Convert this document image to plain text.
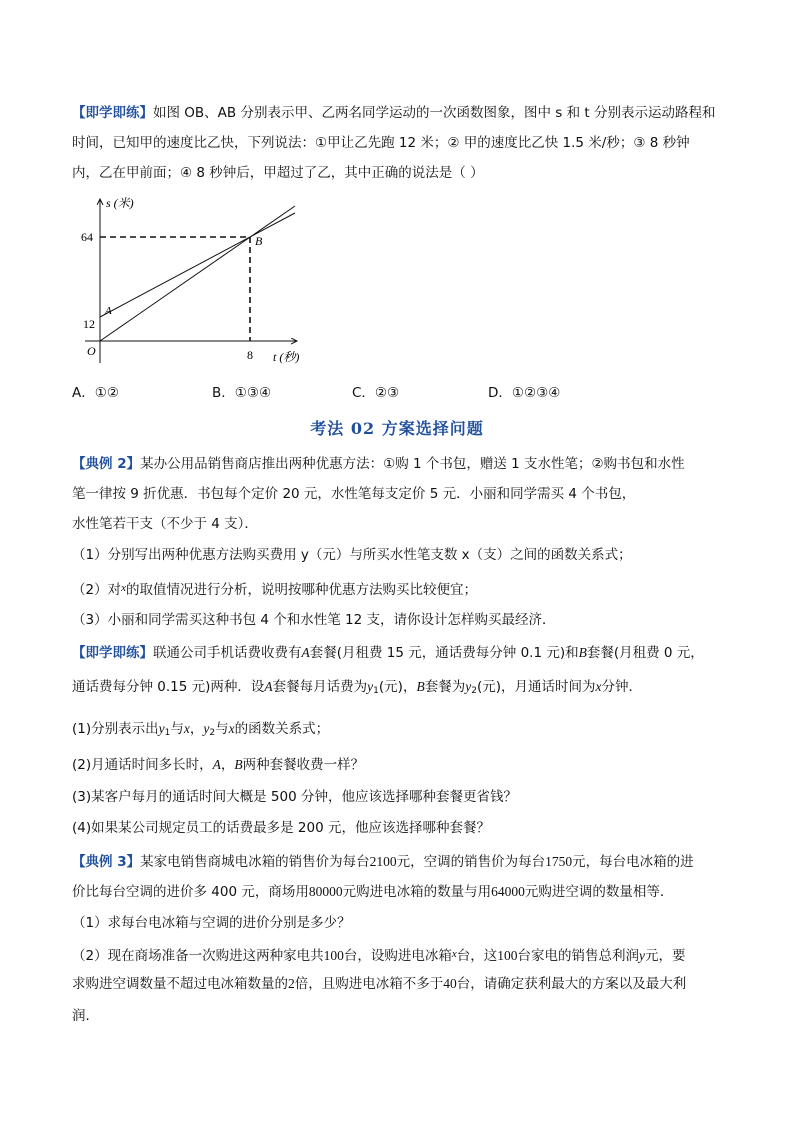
【即学即练】如图 OB、AB 分别表示甲、乙两名同学运动的一次函数图象，图中 s 和 t 分别表示运动路程和
时间，已知甲的速度比乙快，下列说法：①甲让乙先跑 12 米；② 甲的速度比乙快 1.5 米/秒；③ 8 秒钟
内，乙在甲前面；④ 8 秒钟后，甲超过了乙，其中正确的说法是（ ）
s (米)
t (秒)
64
12
8
O
A
B
A．①②	B．①③④	C．②③	D．①②③④
考法 02 方案选择问题
【典例 2】某办公用品销售商店推出两种优惠方法：①购 1 个书包，赠送 1 支水性笔；②购书包和水性
笔一律按 9 折优惠．书包每个定价 20 元，水性笔每支定价 5 元．小丽和同学需买 4 个书包，
水性笔若干支（不少于 4 支）．
（1）分别写出两种优惠方法购买费用 y（元）与所买水性笔支数 x（支）之间的函数关系式；
（2）对$^x$的取值情况进行分析，说明按哪种优惠方法购买比较便宜；
（3）小丽和同学需买这种书包 4 个和水性笔 12 支，请你设计怎样购买最经济．
【即学即练】联通公司手机话费收费有A套餐(月租费 15 元，通话费每分钟 0.1 元)和B套餐(月租费 0 元，
通话费每分钟 0.15 元)两种．设A套餐每月话费为$y_1$(元)，B套餐为$y_2$(元)，月通话时间为x分钟．
(1)分别表示出$y_1$与x，$y_2$与x的函数关系式；
(2)月通话时间多长时，A，B两种套餐收费一样？
(3)某客户每月的通话时间大概是 500 分钟，他应该选择哪种套餐更省钱？
(4)如果某公司规定员工的话费最多是 200 元，他应该选择哪种套餐？
【典例 3】某家电销售商城电冰箱的销售价为每台2100元，空调的销售价为每台1750元，每台电冰箱的进
价比每台空调的进价多 400 元，商场用80000元购进电冰箱的数量与用64000元购进空调的数量相等．
（1）求每台电冰箱与空调的进价分别是多少？
（2）现在商场准备一次购进这两种家电共100台，设购进电冰箱$^x$台，这100台家电的销售总利润y元，要
求购进空调数量不超过电冰箱数量的2倍，且购进电冰箱不多于40台，请确定获利最大的方案以及最大利
润．
